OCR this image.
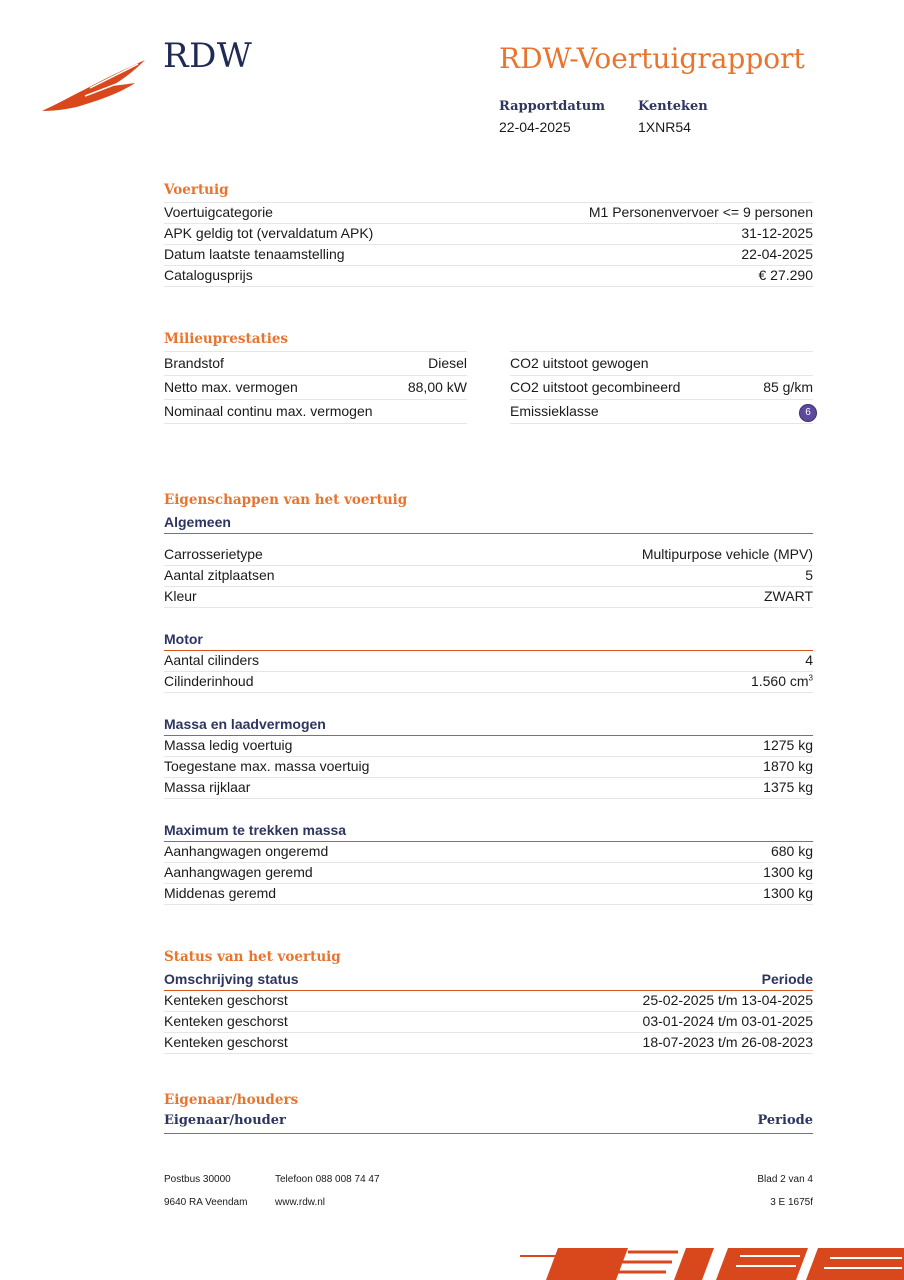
RDW	RDW-Voertuigrapport
Rapportdatum
22-04-2025
Kenteken
1XNR54
Voertuig
Voertuigcategorie	M1 Personenvervoer <= 9 personen
APK geldig tot (vervaldatum APK)	31-12-2025
Datum laatste tenaamstelling	22-04-2025
Catalogusprijs	€ 27.290
Milieuprestaties
Brandstof	Diesel
Netto max. vermogen	88,00 kW
Nominaal continu max. vermogen
CO2 uitstoot gewogen
CO2 uitstoot gecombineerd	85 g/km
Emissieklasse	6
Eigenschappen van het voertuig
Algemeen
Carrosserietype	Multipurpose vehicle (MPV)
Aantal zitplaatsen	5
Kleur	ZWART
Motor
Aantal cilinders	4
Cilinderinhoud	1.560 $cm^3$
Massa en laadvermogen
Massa ledig voertuig	1275 kg
Toegestane max. massa voertuig	1870 kg
Massa rijklaar	1375 kg
Maximum te trekken massa
Aanhangwagen ongeremd	680 kg
Aanhangwagen geremd	1300 kg
Middenas geremd	1300 kg
Status van het voertuig
Omschrijving status	Periode
Kenteken geschorst	25-02-2025 t/m 13-04-2025
Kenteken geschorst	03-01-2024 t/m 03-01-2025
Kenteken geschorst	18-07-2023 t/m 26-08-2023
Eigenaar/houders
Eigenaar/houder	Periode
Postbus 30000
9640 RA Veendam
Telefoon 088 008 74 47
www.rdw.nl
Blad 2 van 4
3 E 1675f
